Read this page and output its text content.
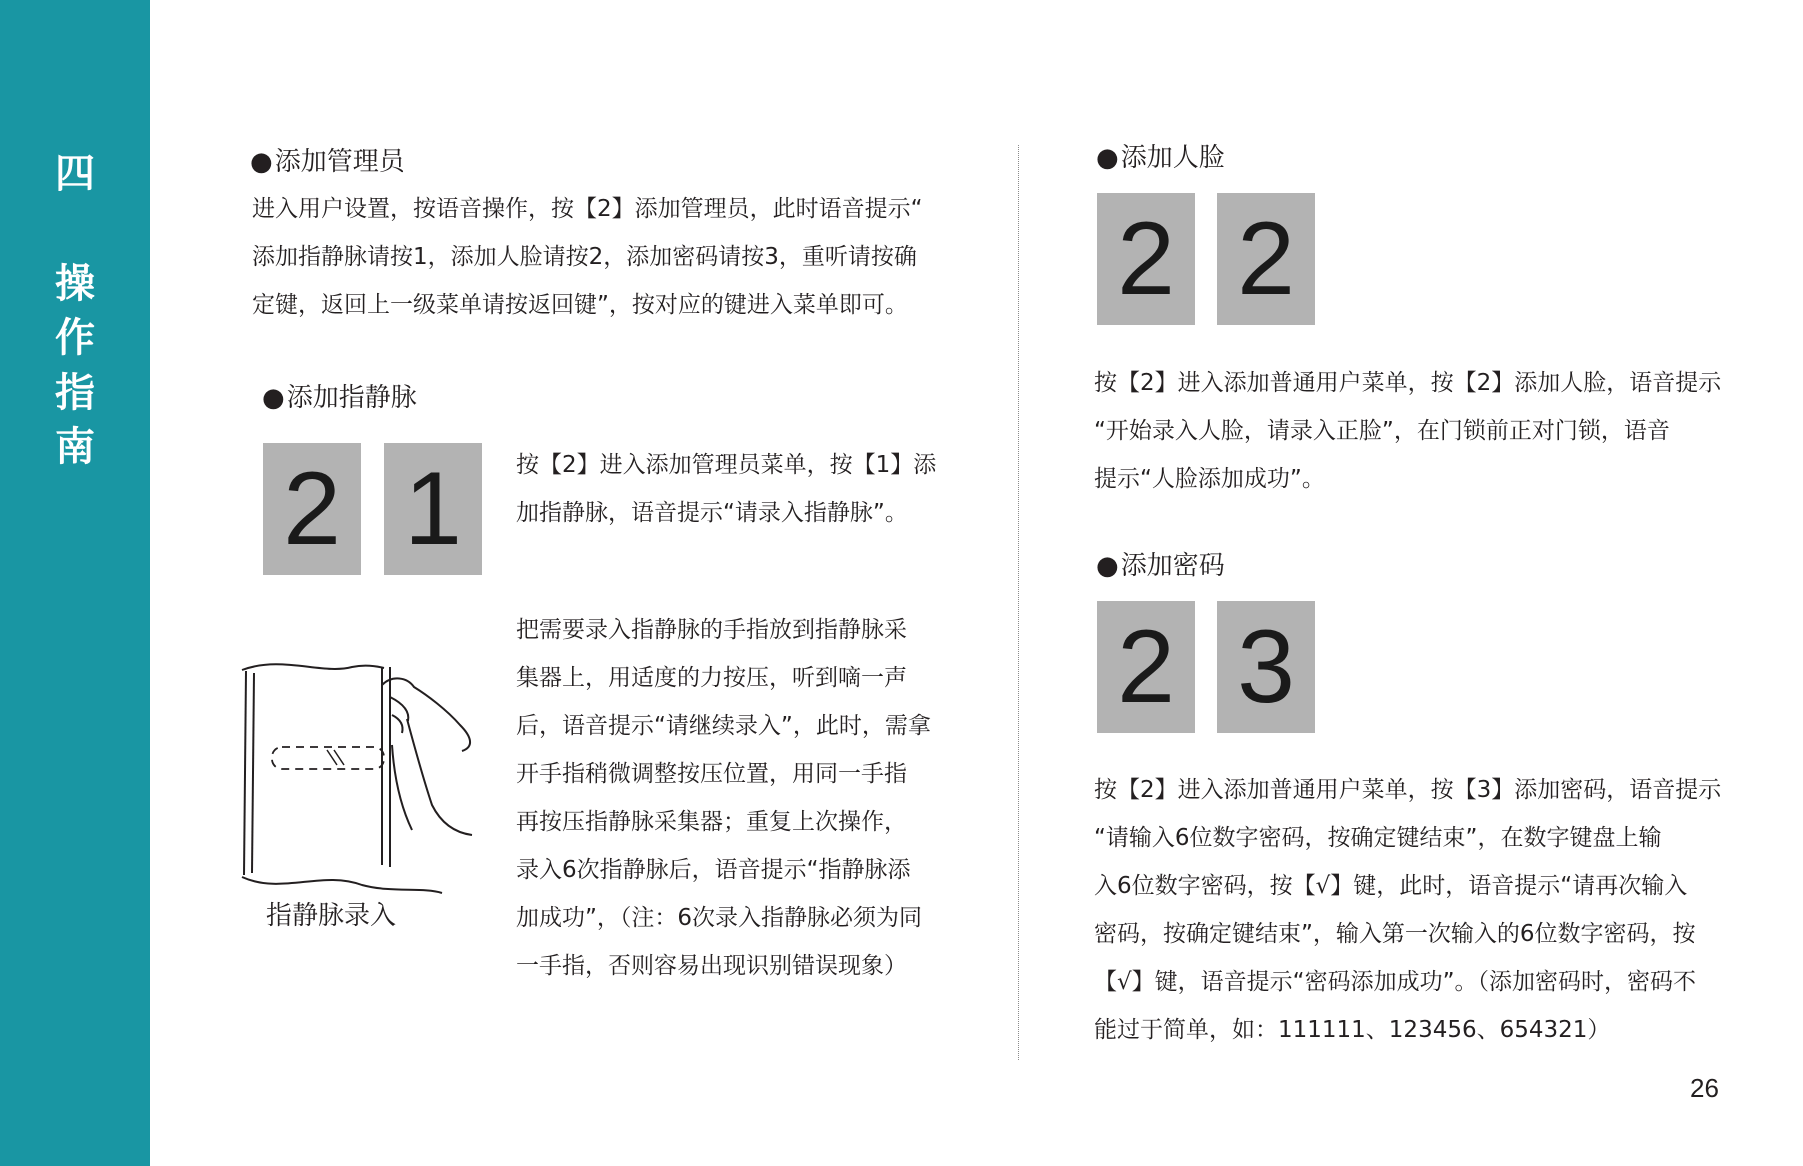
四
操
作
指
南
●添加管理员
进入用户设置，按语音操作，按【2】添加管理员，此时语音提示“
添加指静脉请按1，添加人脸请按2，添加密码请按3，重听请按确
定键，返回上一级菜单请按返回键”，按对应的键进入菜单即可。
●添加指静脉
2 1	按【2】进入添加管理员菜单，按【1】添
加指静脉，语音提示“请录入指静脉”。
把需要录入指静脉的手指放到指静脉采
集器上，用适度的力按压，听到嘀一声
后，语音提示“请继续录入”，此时，需拿
开手指稍微调整按压位置，用同一手指
再按压指静脉采集器；重复上次操作，
录入6次指静脉后，语音提示“指静脉添
加成功”，（注：6次录入指静脉必须为同
一手指，否则容易出现识别错误现象）
指静脉录入
●添加人脸
2 2
按【2】进入添加普通用户菜单，按【2】添加人脸，语音提示
“开始录入人脸，请录入正脸”，在门锁前正对门锁，语音
提示“人脸添加成功”。
●添加密码
2 3
按【2】进入添加普通用户菜单，按【3】添加密码，语音提示
“请输入6位数字密码，按确定键结束”，在数字键盘上输
入6位数字密码，按【√】键，此时，语音提示“请再次输入
密码，按确定键结束”，输入第一次输入的6位数字密码，按
【√】键，语音提示“密码添加成功”。（添加密码时，密码不
能过于简单，如：111111、123456、654321）
26
